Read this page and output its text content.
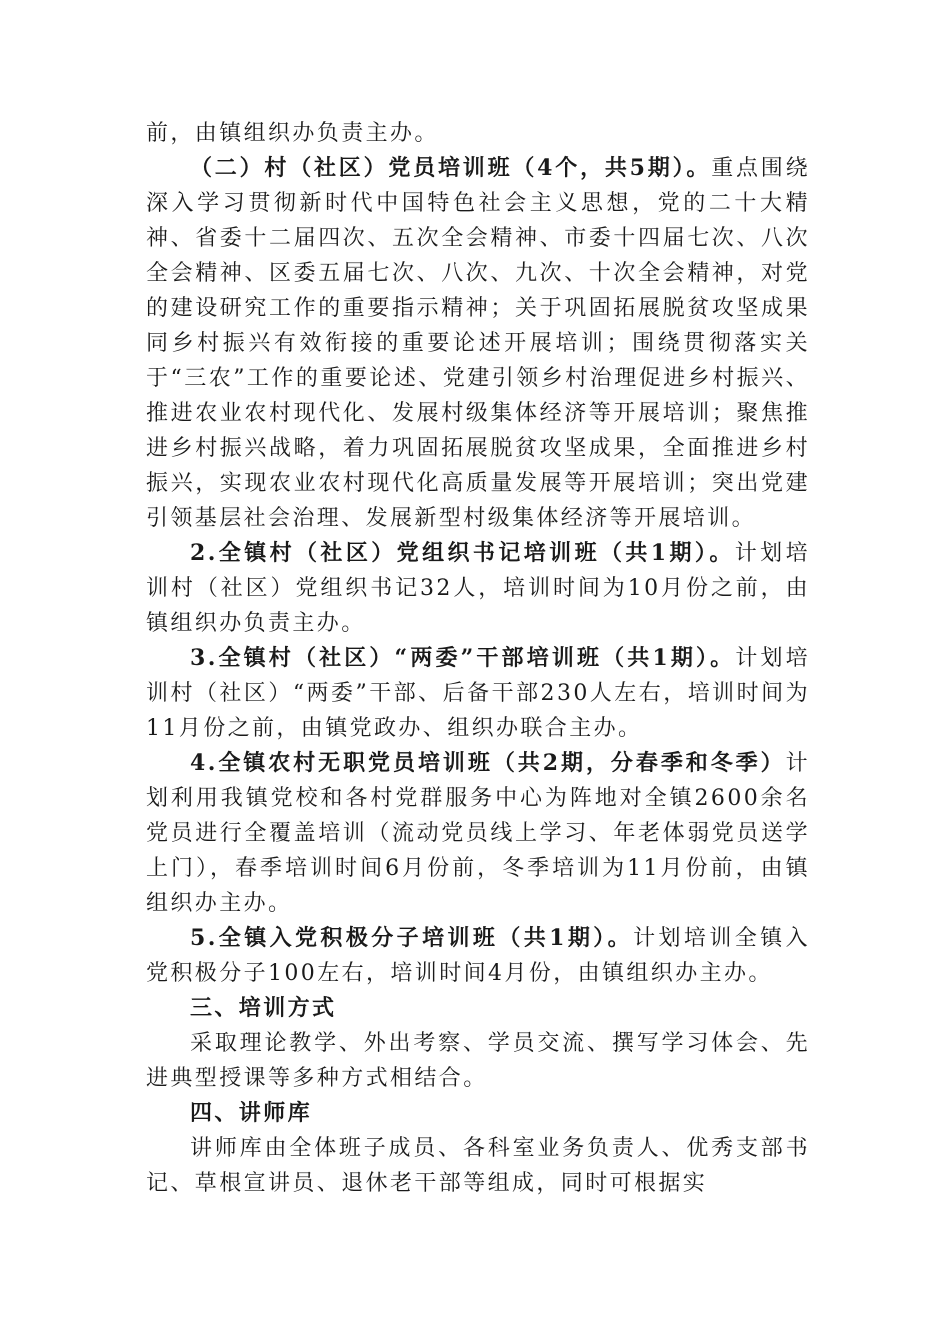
前，由镇组织办负责主办。

（二）村（社区）党员培训班（4个，共5期）。重点围绕深入学习贯彻新时代中国特色社会主义思想，党的二十大精神、省委十二届四次、五次全会精神、市委十四届七次、八次全会精神、区委五届七次、八次、九次、十次全会精神，对党的建设研究工作的重要指示精神；关于巩固拓展脱贫攻坚成果同乡村振兴有效衔接的重要论述开展培训；围绕贯彻落实关于“三农”工作的重要论述、党建引领乡村治理促进乡村振兴、推进农业农村现代化、发展村级集体经济等开展培训；聚焦推进乡村振兴战略，着力巩固拓展脱贫攻坚成果，全面推进乡村振兴，实现农业农村现代化高质量发展等开展培训；突出党建引领基层社会治理、发展新型村级集体经济等开展培训。

2.全镇村（社区）党组织书记培训班（共1期）。计划培训村（社区）党组织书记32人，培训时间为10月份之前，由镇组织办负责主办。

3.全镇村（社区）“两委”干部培训班（共1期）。计划培训村（社区）“两委”干部、后备干部230人左右，培训时间为11月份之前，由镇党政办、组织办联合主办。

4.全镇农村无职党员培训班（共2期，分春季和冬季）计划利用我镇党校和各村党群服务中心为阵地对全镇2600余名党员进行全覆盖培训（流动党员线上学习、年老体弱党员送学上门），春季培训时间6月份前，冬季培训为11月份前，由镇组织办主办。

5.全镇入党积极分子培训班（共1期）。计划培训全镇入党积极分子100左右，培训时间4月份，由镇组织办主办。

三、培训方式

采取理论教学、外出考察、学员交流、撰写学习体会、先进典型授课等多种方式相结合。

四、讲师库

讲师库由全体班子成员、各科室业务负责人、优秀支部书记、草根宣讲员、退休老干部等组成，同时可根据实
